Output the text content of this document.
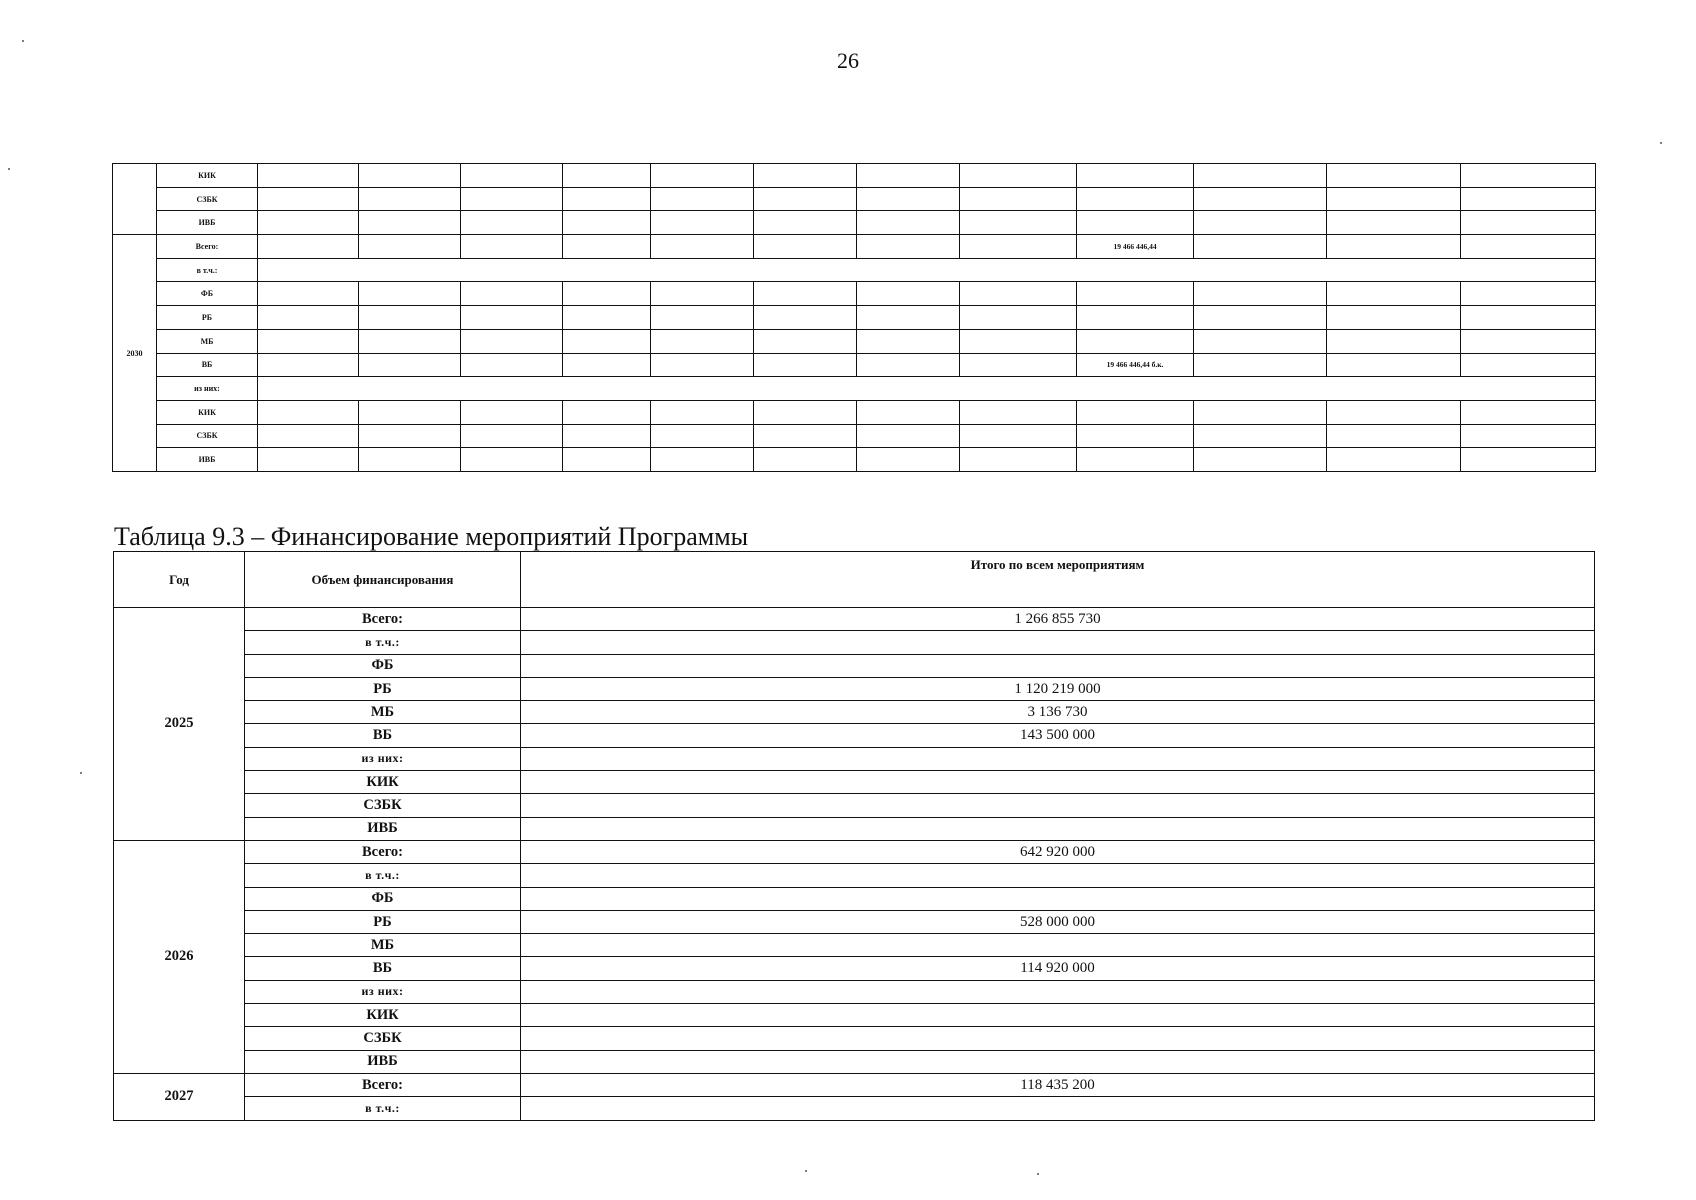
26
	КИК												
	СЗБК												
	ИВБ												
2030	Всего:									19 466 446,44			
	в т.ч.:												
	ФБ												
	РБ												
	МБ												
	ВБ									19 466 446,44 б.к.			
	из них:												
	КИК												
	СЗБК												
	ИВБ												
Таблица 9.3 – Финансирование мероприятий Программы
Год	Объем финансирования	Итого по всем мероприятиям
2025	Всего:	1 266 855 730
	в т.ч.:	
	ФБ	
	РБ	1 120 219 000
	МБ	3 136 730
	ВБ	143 500 000
	из них:	
	КИК	
	СЗБК	
	ИВБ	
2026	Всего:	642 920 000
	в т.ч.:	
	ФБ	
	РБ	528 000 000
	МБ	
	ВБ	114 920 000
	из них:	
	КИК	
	СЗБК	
	ИВБ	
2027	Всего:	118 435 200
	в т.ч.:	
